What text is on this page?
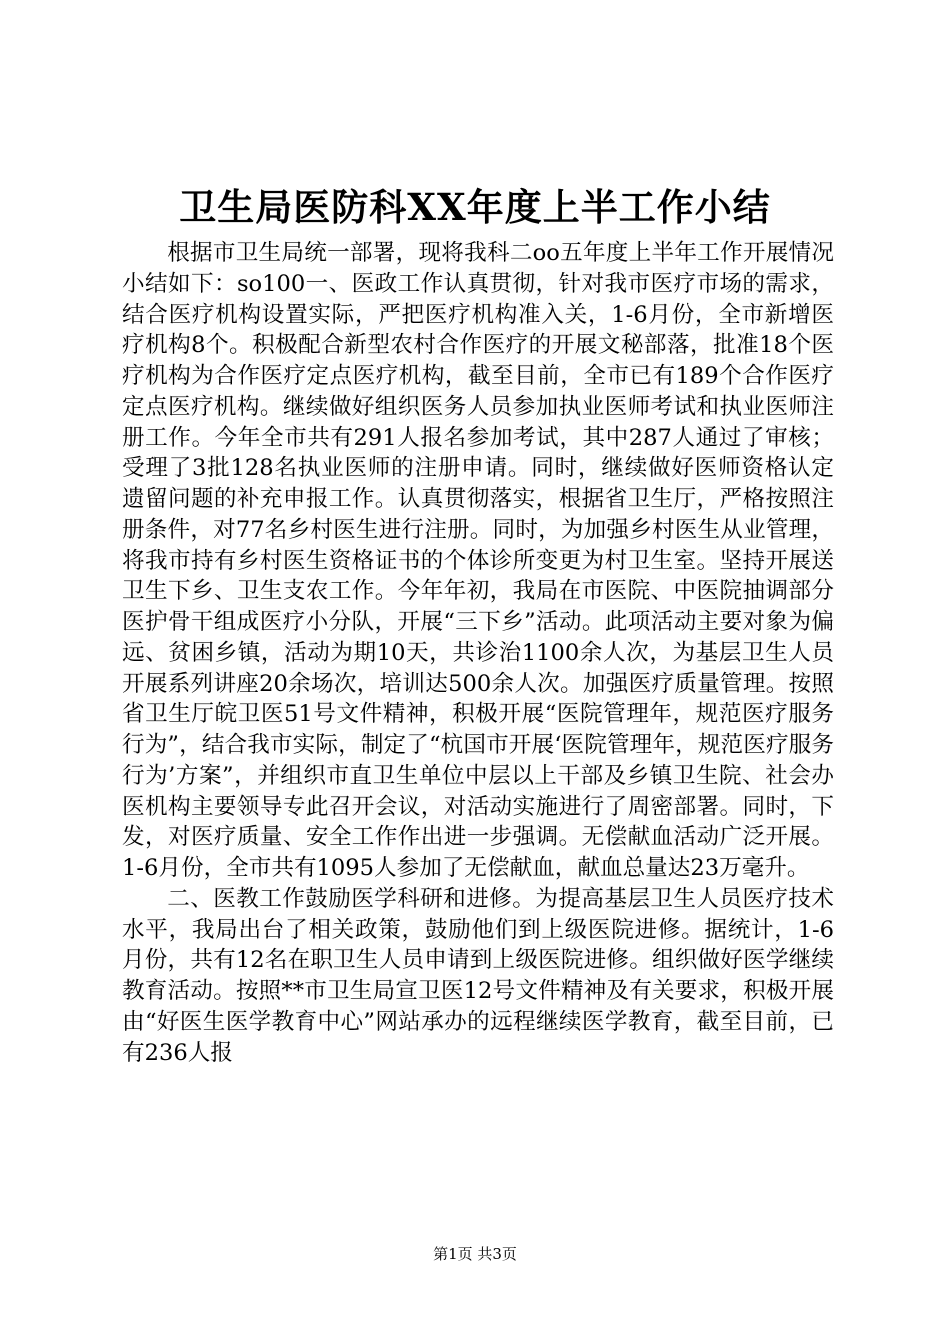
卫生局医防科XX年度上半工作小结

根据市卫生局统一部署，现将我科二oo五年度上半年工作开展情况小结如下：so100一、医政工作认真贯彻，针对我市医疗市场的需求，结合医疗机构设置实际，严把医疗机构准入关，1-6月份，全市新增医疗机构8个。积极配合新型农村合作医疗的开展文秘部落，批准18个医疗机构为合作医疗定点医疗机构，截至目前，全市已有189个合作医疗定点医疗机构。继续做好组织医务人员参加执业医师考试和执业医师注册工作。今年全市共有291人报名参加考试，其中287人通过了审核；受理了3批128名执业医师的注册申请。同时，继续做好医师资格认定遗留问题的补充申报工作。认真贯彻落实，根据省卫生厅，严格按照注册条件，对77名乡村医生进行注册。同时，为加强乡村医生从业管理，将我市持有乡村医生资格证书的个体诊所变更为村卫生室。坚持开展送卫生下乡、卫生支农工作。今年年初，我局在市医院、中医院抽调部分医护骨干组成医疗小分队，开展“三下乡”活动。此项活动主要对象为偏远、贫困乡镇，活动为期10天，共诊治1100余人次，为基层卫生人员开展系列讲座20余场次，培训达500余人次。加强医疗质量管理。按照省卫生厅皖卫医51号文件精神，积极开展“医院管理年，规范医疗服务行为”，结合我市实际，制定了“杭国市开展‘医院管理年，规范医疗服务行为’方案”，并组织市直卫生单位中层以上干部及乡镇卫生院、社会办医机构主要领导专此召开会议，对活动实施进行了周密部署。同时，下发，对医疗质量、安全工作作出进一步强调。无偿献血活动广泛开展。1-6月份，全市共有1095人参加了无偿献血，献血总量达23万毫升。

二、医教工作鼓励医学科研和进修。为提高基层卫生人员医疗技术水平，我局出台了相关政策，鼓励他们到上级医院进修。据统计，1-6月份，共有12名在职卫生人员申请到上级医院进修。组织做好医学继续教育活动。按照**市卫生局宣卫医12号文件精神及有关要求，积极开展由“好医生医学教育中心”网站承办的远程继续医学教育，截至目前，已有236人报

第1页 共3页
